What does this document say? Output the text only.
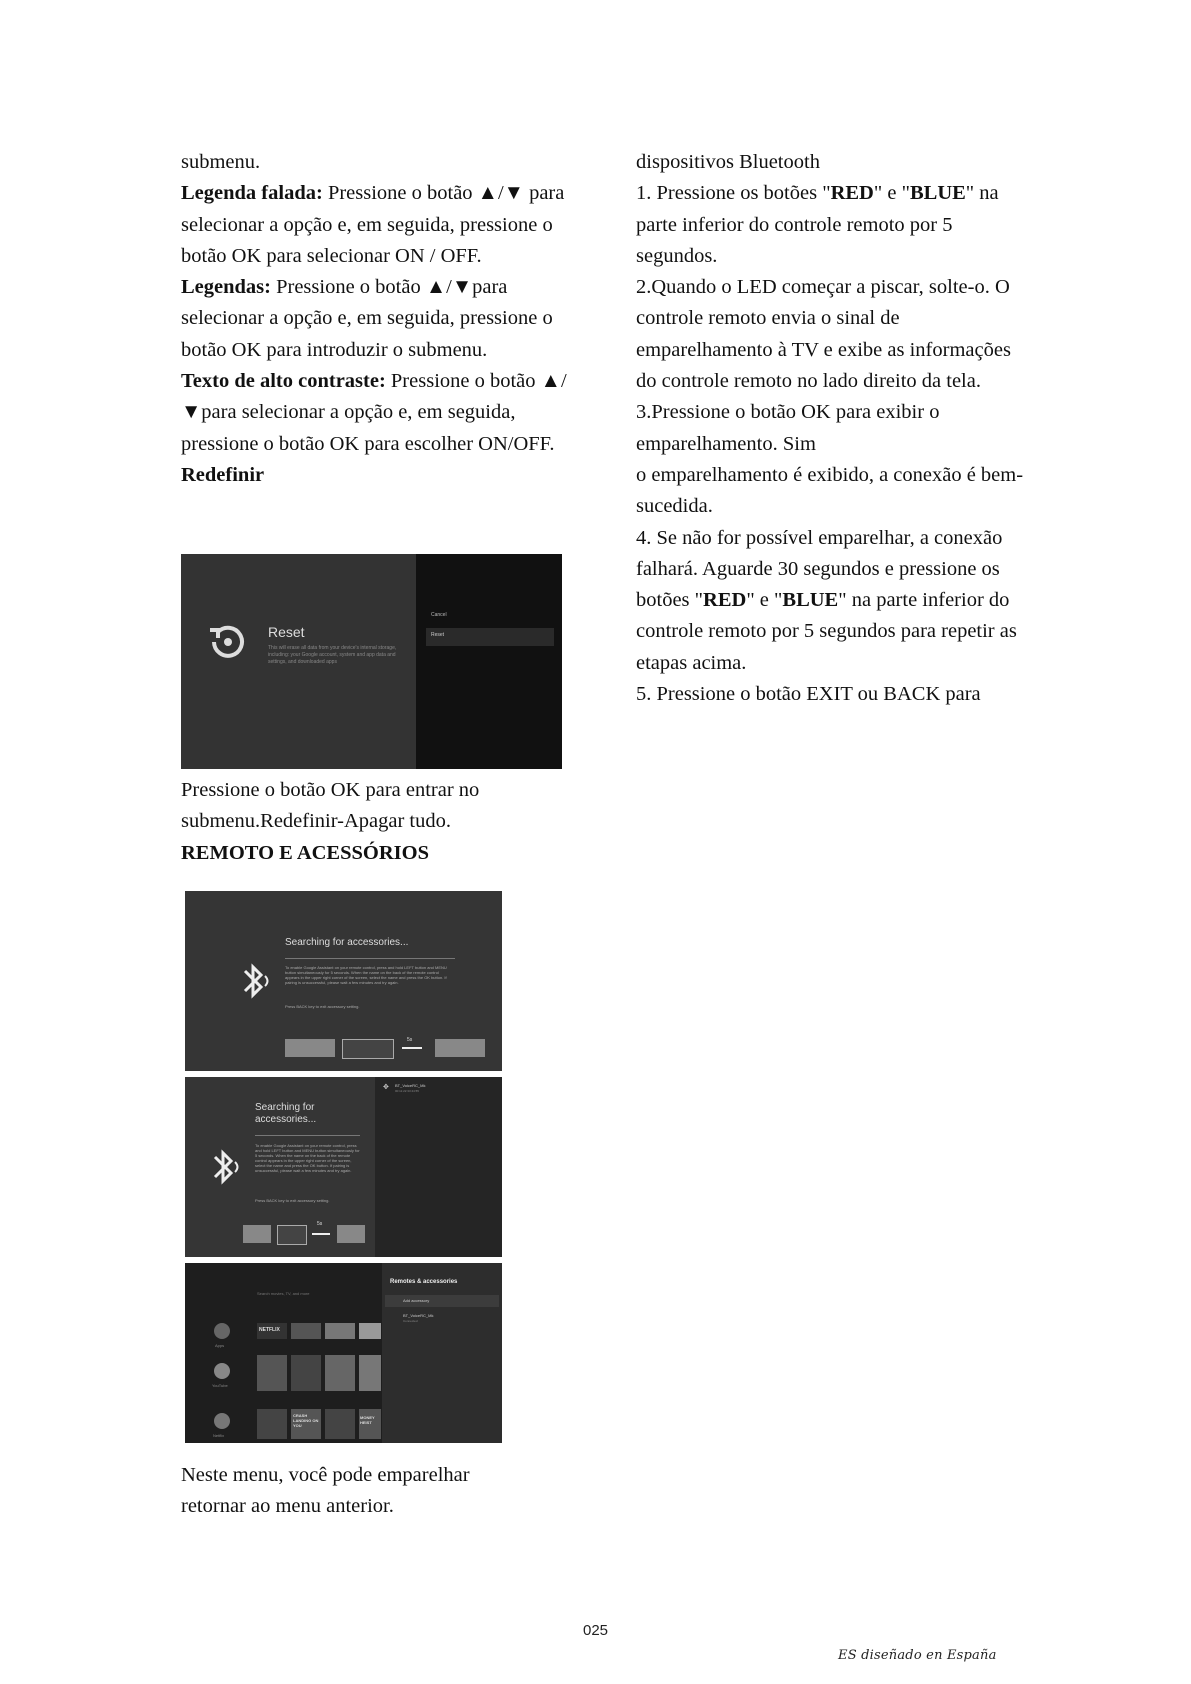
submenu.

Legenda falada: Pressione o botão ▲/▼ para selecionar a opção e, em seguida, pressione o botão OK para selecionar ON / OFF.

Legendas: Pressione o botão ▲/▼para selecionar a opção e, em seguida, pressione o botão OK para introduzir o submenu.

Texto de alto contraste: Pressione o botão ▲/▼para selecionar a opção e, em seguida, pressione o botão OK para escolher ON/OFF.

Redefinir

Reset
This will erase all data from your device's internal storage, including: your Google account, system and app data and settings, and downloaded apps
Cancel
Reset

Pressione o botão OK para entrar no submenu.Redefinir-Apagar tudo.

REMOTO E ACESSÓRIOS

Searching for accessories...
To enable Google Assistant on your remote control, press and hold LEFT button and MENU button simultaneously for 5 seconds. When the name on the back of the remote control appears in the upper right corner of the screen, select the name and press the OK button. If pairing is unsuccessful, please wait a few minutes and try again.
Press BACK key to exit accessory setting.
5s
Searching for accessories...
To enable Google Assistant on your remote control, press and hold LEFT button and MENU button simultaneously for 5 seconds. When the name on the back of the remote control appears in the upper right corner of the screen, select the name and press the OK button. If pairing is unsuccessful, please wait a few minutes and try again.
Press BACK key to exit accessory setting.
5s
BT_VoiceRC_Mk
00:11:22:33:44:55
✥
Remotes & accessories
Add accessory
BT_VoiceRC_Mk
Connected
Search movies, TV, and more
Apps
YouTube
Netflix
NETFLIX
CRASH LANDING ON YOU
MONEY HEIST

Neste menu, você pode emparelhar retornar ao menu anterior.

dispositivos Bluetooth

1. Pressione os botões "RED" e "BLUE" na parte inferior do controle remoto por 5 segundos.

2.Quando o LED começar a piscar, solte-o. O controle remoto envia o sinal de emparelhamento à TV e exibe as informações do controle remoto no lado direito da tela.

3.Pressione o botão OK para exibir o emparelhamento. Sim

o emparelhamento é exibido, a conexão é bem-sucedida.

4. Se não for possível emparelhar, a conexão falhará. Aguarde 30 segundos e pressione os botões "RED" e "BLUE" na parte inferior do controle remoto por 5 segundos para repetir as etapas acima.

5. Pressione o botão EXIT ou BACK para

025
ES diseñado en España
